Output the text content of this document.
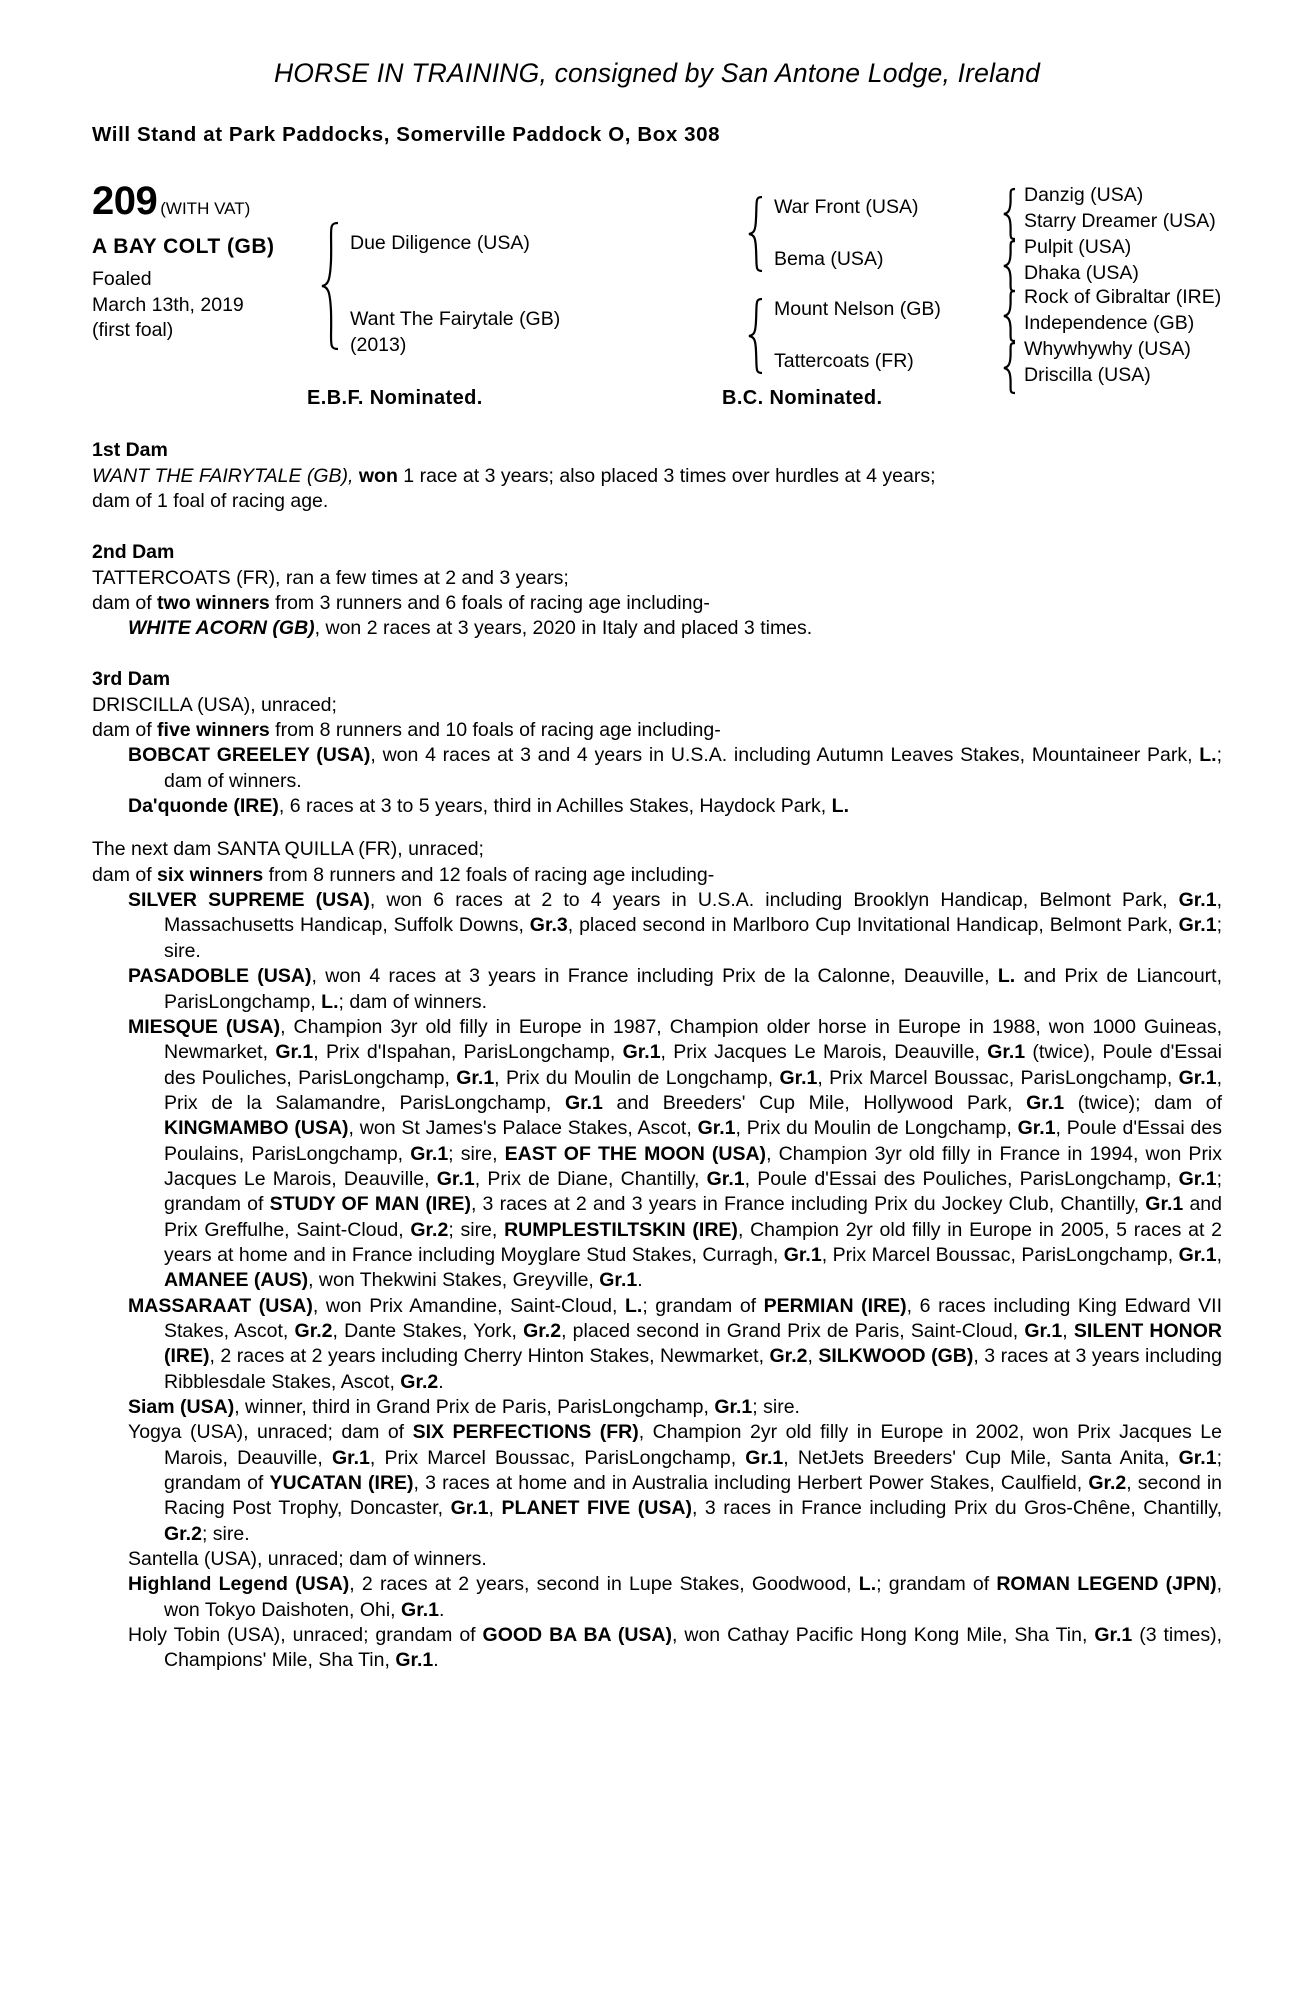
HORSE IN TRAINING, consigned by San Antone Lodge, Ireland
Will Stand at Park Paddocks, Somerville Paddock O, Box 308
209 (WITH VAT)
A BAY COLT (GB)
Foaled
March 13th, 2019
(first foal)
Due Diligence (USA)
Want The Fairytale (GB)
(2013)
War Front (USA)
Bema (USA)
Mount Nelson (GB)
Tattercoats (FR)
Danzig (USA)
Starry Dreamer (USA)
Pulpit (USA)
Dhaka (USA)
Rock of Gibraltar (IRE)
Independence (GB)
Whywhywhy (USA)
Driscilla (USA)
E.B.F. Nominated.	B.C. Nominated.
1st Dam

WANT THE FAIRYTALE (GB), won 1 race at 3 years; also placed 3 times over hurdles at 4 years;

dam of 1 foal of racing age.

2nd Dam

TATTERCOATS (FR), ran a few times at 2 and 3 years;

dam of two winners from 3 runners and 6 foals of racing age including-

WHITE ACORN (GB), won 2 races at 3 years, 2020 in Italy and placed 3 times.

3rd Dam

DRISCILLA (USA), unraced;

dam of five winners from 8 runners and 10 foals of racing age including-

BOBCAT GREELEY (USA), won 4 races at 3 and 4 years in U.S.A. including Autumn Leaves Stakes, Mountaineer Park, L.; dam of winners.

Da'quonde (IRE), 6 races at 3 to 5 years, third in Achilles Stakes, Haydock Park, L.

The next dam SANTA QUILLA (FR), unraced;

dam of six winners from 8 runners and 12 foals of racing age including-

SILVER SUPREME (USA), won 6 races at 2 to 4 years in U.S.A. including Brooklyn Handicap, Belmont Park, Gr.1, Massachusetts Handicap, Suffolk Downs, Gr.3, placed second in Marlboro Cup Invitational Handicap, Belmont Park, Gr.1; sire.

PASADOBLE (USA), won 4 races at 3 years in France including Prix de la Calonne, Deauville, L. and Prix de Liancourt, ParisLongchamp, L.; dam of winners.

MIESQUE (USA), Champion 3yr old filly in Europe in 1987, Champion older horse in Europe in 1988, won 1000 Guineas, Newmarket, Gr.1, Prix d'Ispahan, ParisLongchamp, Gr.1, Prix Jacques Le Marois, Deauville, Gr.1 (twice), Poule d'Essai des Pouliches, ParisLongchamp, Gr.1, Prix du Moulin de Longchamp, Gr.1, Prix Marcel Boussac, ParisLongchamp, Gr.1, Prix de la Salamandre, ParisLongchamp, Gr.1 and Breeders' Cup Mile, Hollywood Park, Gr.1 (twice); dam of KINGMAMBO (USA), won St James's Palace Stakes, Ascot, Gr.1, Prix du Moulin de Longchamp, Gr.1, Poule d'Essai des Poulains, ParisLongchamp, Gr.1; sire, EAST OF THE MOON (USA), Champion 3yr old filly in France in 1994, won Prix Jacques Le Marois, Deauville, Gr.1, Prix de Diane, Chantilly, Gr.1, Poule d'Essai des Pouliches, ParisLongchamp, Gr.1; grandam of STUDY OF MAN (IRE), 3 races at 2 and 3 years in France including Prix du Jockey Club, Chantilly, Gr.1 and Prix Greffulhe, Saint-Cloud, Gr.2; sire, RUMPLESTILTSKIN (IRE), Champion 2yr old filly in Europe in 2005, 5 races at 2 years at home and in France including Moyglare Stud Stakes, Curragh, Gr.1, Prix Marcel Boussac, ParisLongchamp, Gr.1, AMANEE (AUS), won Thekwini Stakes, Greyville, Gr.1.

MASSARAAT (USA), won Prix Amandine, Saint-Cloud, L.; grandam of PERMIAN (IRE), 6 races including King Edward VII Stakes, Ascot, Gr.2, Dante Stakes, York, Gr.2, placed second in Grand Prix de Paris, Saint-Cloud, Gr.1, SILENT HONOR (IRE), 2 races at 2 years including Cherry Hinton Stakes, Newmarket, Gr.2, SILKWOOD (GB), 3 races at 3 years including Ribblesdale Stakes, Ascot, Gr.2.

Siam (USA), winner, third in Grand Prix de Paris, ParisLongchamp, Gr.1; sire.

Yogya (USA), unraced; dam of SIX PERFECTIONS (FR), Champion 2yr old filly in Europe in 2002, won Prix Jacques Le Marois, Deauville, Gr.1, Prix Marcel Boussac, ParisLongchamp, Gr.1, NetJets Breeders' Cup Mile, Santa Anita, Gr.1; grandam of YUCATAN (IRE), 3 races at home and in Australia including Herbert Power Stakes, Caulfield, Gr.2, second in Racing Post Trophy, Doncaster, Gr.1, PLANET FIVE (USA), 3 races in France including Prix du Gros-Chêne, Chantilly, Gr.2; sire.

Santella (USA), unraced; dam of winners.

Highland Legend (USA), 2 races at 2 years, second in Lupe Stakes, Goodwood, L.; grandam of ROMAN LEGEND (JPN), won Tokyo Daishoten, Ohi, Gr.1.

Holy Tobin (USA), unraced; grandam of GOOD BA BA (USA), won Cathay Pacific Hong Kong Mile, Sha Tin, Gr.1 (3 times), Champions' Mile, Sha Tin, Gr.1.
